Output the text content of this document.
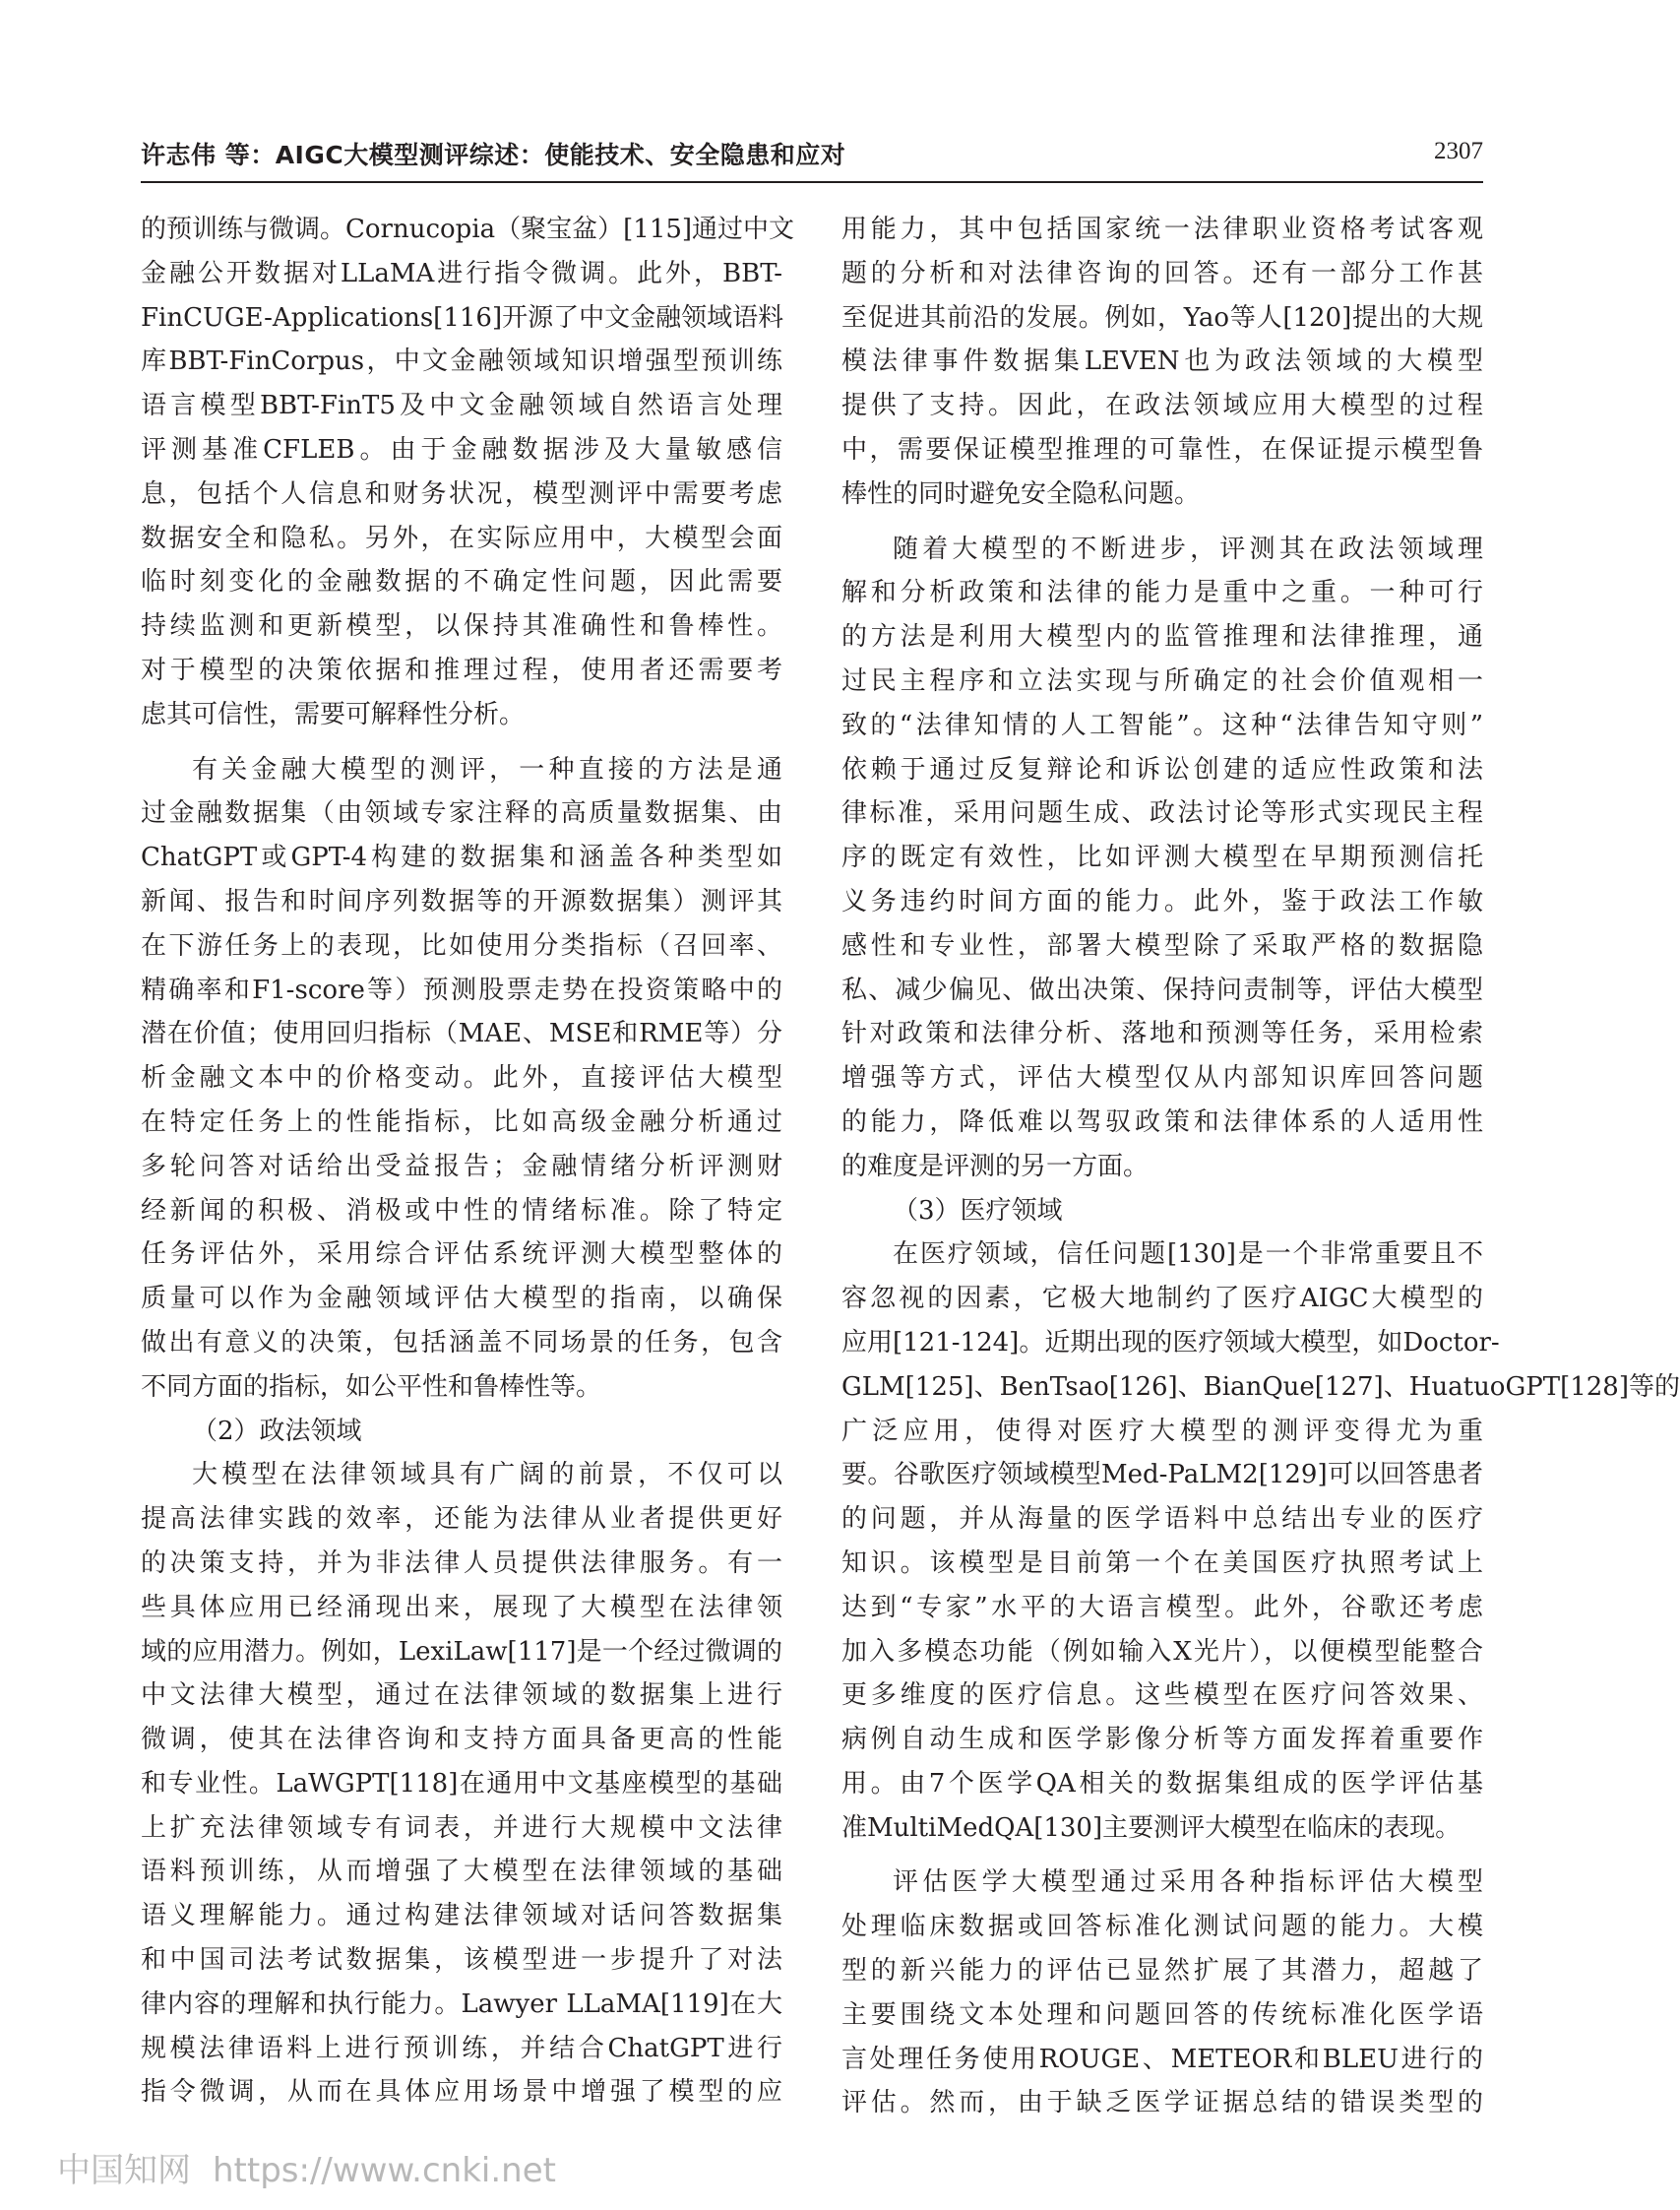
许志伟 等：AIGC大模型测评综述：使能技术、安全隐患和应对	2307
的预训练与微调。Cornucopia（聚宝盆）[115]通过中文
金融公开数据对LLaMA进行指令微调。此外，BBT-
FinCUGE-Applications[116]开源了中文金融领域语料
库BBT-FinCorpus，中文金融领域知识增强型预训练
语言模型BBT-FinT5及中文金融领域自然语言处理
评测基准CFLEB。由于金融数据涉及大量敏感信
息，包括个人信息和财务状况，模型测评中需要考虑
数据安全和隐私。另外，在实际应用中，大模型会面
临时刻变化的金融数据的不确定性问题，因此需要
持续监测和更新模型，以保持其准确性和鲁棒性。
对于模型的决策依据和推理过程，使用者还需要考
虑其可信性，需要可解释性分析。
有关金融大模型的测评，一种直接的方法是通
过金融数据集（由领域专家注释的高质量数据集、由
ChatGPT或GPT-4构建的数据集和涵盖各种类型如
新闻、报告和时间序列数据等的开源数据集）测评其
在下游任务上的表现，比如使用分类指标（召回率、
精确率和F1-score等）预测股票走势在投资策略中的
潜在价值；使用回归指标（MAE、MSE和RME等）分
析金融文本中的价格变动。此外，直接评估大模型
在特定任务上的性能指标，比如高级金融分析通过
多轮问答对话给出受益报告；金融情绪分析评测财
经新闻的积极、消极或中性的情绪标准。除了特定
任务评估外，采用综合评估系统评测大模型整体的
质量可以作为金融领域评估大模型的指南，以确保
做出有意义的决策，包括涵盖不同场景的任务，包含
不同方面的指标，如公平性和鲁棒性等。
（2）政法领域
大模型在法律领域具有广阔的前景，不仅可以
提高法律实践的效率，还能为法律从业者提供更好
的决策支持，并为非法律人员提供法律服务。有一
些具体应用已经涌现出来，展现了大模型在法律领
域的应用潜力。例如，LexiLaw[117]是一个经过微调的
中文法律大模型，通过在法律领域的数据集上进行
微调，使其在法律咨询和支持方面具备更高的性能
和专业性。LaWGPT[118]在通用中文基座模型的基础
上扩充法律领域专有词表，并进行大规模中文法律
语料预训练，从而增强了大模型在法律领域的基础
语义理解能力。通过构建法律领域对话问答数据集
和中国司法考试数据集，该模型进一步提升了对法
律内容的理解和执行能力。Lawyer LLaMA[119]在大
规模法律语料上进行预训练，并结合ChatGPT进行
指令微调，从而在具体应用场景中增强了模型的应
用能力，其中包括国家统一法律职业资格考试客观
题的分析和对法律咨询的回答。还有一部分工作甚
至促进其前沿的发展。例如，Yao等人[120]提出的大规
模法律事件数据集LEVEN也为政法领域的大模型
提供了支持。因此，在政法领域应用大模型的过程
中，需要保证模型推理的可靠性，在保证提示模型鲁
棒性的同时避免安全隐私问题。
随着大模型的不断进步，评测其在政法领域理
解和分析政策和法律的能力是重中之重。一种可行
的方法是利用大模型内的监管推理和法律推理，通
过民主程序和立法实现与所确定的社会价值观相一
致的“法律知情的人工智能”。这种“法律告知守则”
依赖于通过反复辩论和诉讼创建的适应性政策和法
律标准，采用问题生成、政法讨论等形式实现民主程
序的既定有效性，比如评测大模型在早期预测信托
义务违约时间方面的能力。此外，鉴于政法工作敏
感性和专业性，部署大模型除了采取严格的数据隐
私、减少偏见、做出决策、保持问责制等，评估大模型
针对政策和法律分析、落地和预测等任务，采用检索
增强等方式，评估大模型仅从内部知识库回答问题
的能力，降低难以驾驭政策和法律体系的人适用性
的难度是评测的另一方面。
（3）医疗领域
在医疗领域，信任问题[130]是一个非常重要且不
容忽视的因素，它极大地制约了医疗AIGC大模型的
应用[121-124]。近期出现的医疗领域大模型，如Doctor-
GLM[125]、BenTsao[126]、BianQue[127]、HuatuoGPT[128]等的
广泛应用，使得对医疗大模型的测评变得尤为重
要。谷歌医疗领域模型Med-PaLM2[129]可以回答患者
的问题，并从海量的医学语料中总结出专业的医疗
知识。该模型是目前第一个在美国医疗执照考试上
达到“专家”水平的大语言模型。此外，谷歌还考虑
加入多模态功能（例如输入X光片），以便模型能整合
更多维度的医疗信息。这些模型在医疗问答效果、
病例自动生成和医学影像分析等方面发挥着重要作
用。由7个医学QA相关的数据集组成的医学评估基
准MultiMedQA[130]主要测评大模型在临床的表现。
评估医学大模型通过采用各种指标评估大模型
处理临床数据或回答标准化测试问题的能力。大模
型的新兴能力的评估已显然扩展了其潜力，超越了
主要围绕文本处理和问题回答的传统标准化医学语
言处理任务使用ROUGE、METEOR和BLEU进行的
评估。然而，由于缺乏医学证据总结的错误类型的
中国知网 https://www.cnki.net
